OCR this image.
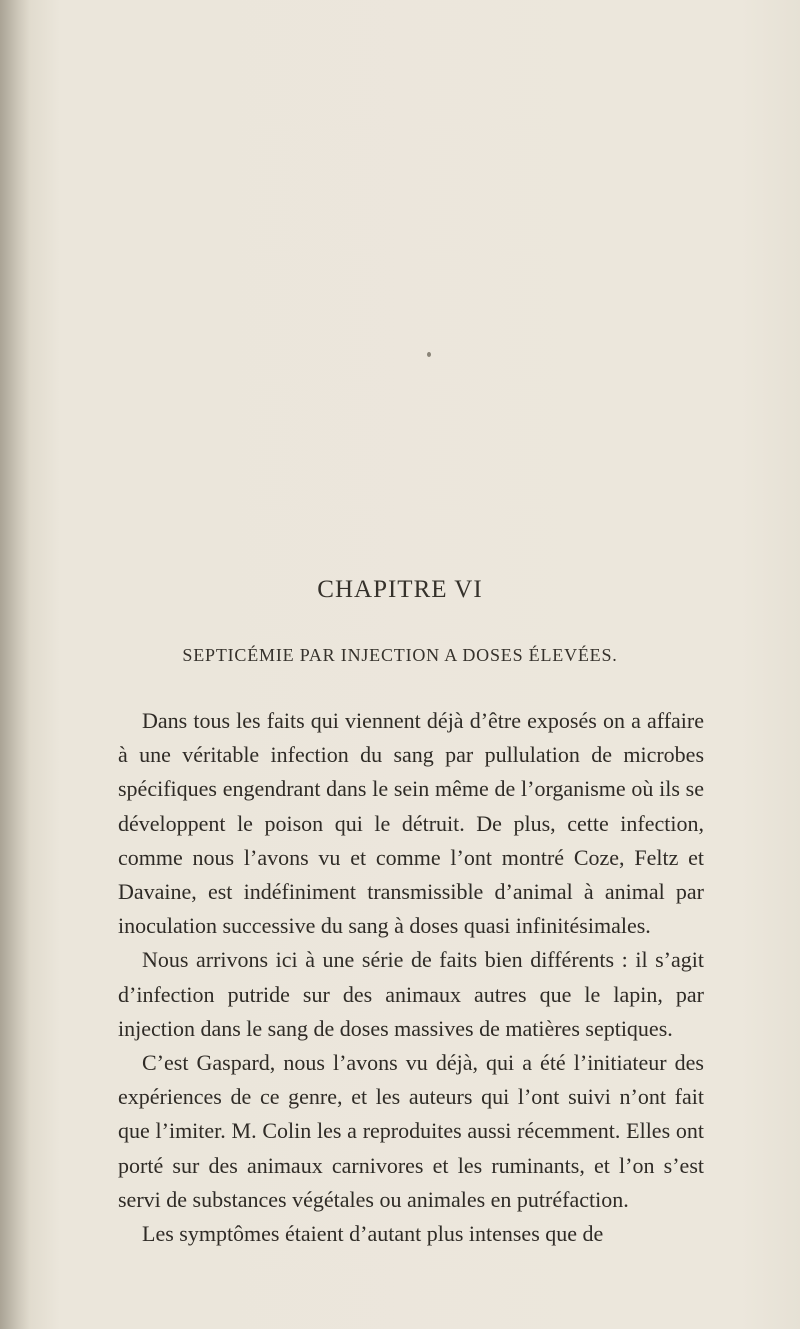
CHAPITRE VI
SEPTICÉMIE PAR INJECTION A DOSES ÉLEVÉES.

Dans tous les faits qui viennent déjà d’être exposés on a affaire à une véritable infection du sang par pullulation de microbes spécifiques engendrant dans le sein même de l’organisme où ils se développent le poison qui le détruit. De plus, cette infection, comme nous l’avons vu et comme l’ont montré Coze, Feltz et Davaine, est indéfiniment transmissible d’animal à animal par inoculation successive du sang à doses quasi infinitésimales.

Nous arrivons ici à une série de faits bien différents : il s’agit d’infection putride sur des animaux autres que le lapin, par injection dans le sang de doses massives de matières septiques.

C’est Gaspard, nous l’avons vu déjà, qui a été l’initiateur des expériences de ce genre, et les auteurs qui l’ont suivi n’ont fait que l’imiter. M. Colin les a reproduites aussi récemment. Elles ont porté sur des animaux carnivores et les ruminants, et l’on s’est servi de substances végétales ou animales en putréfaction.

Les symptômes étaient d’autant plus intenses que de
